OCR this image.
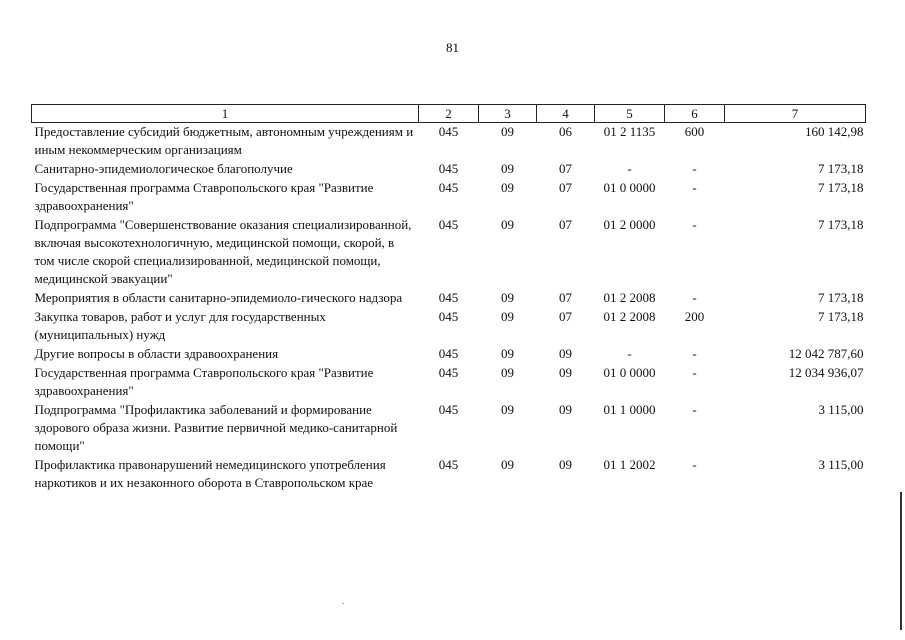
81
1	2	3	4	5	6	7
Предоставление субсидий бюджетным, автономным учреждениям и иным некоммерческим организациям	045	09	06	01 2 1135	600	160 142,98
Санитарно-эпидемиологическое благополучие	045	09	07	-	-	7 173,18
Государственная программа Ставропольского края "Развитие здравоохранения"	045	09	07	01 0 0000	-	7 173,18
Подпрограмма "Совершенствование оказания специализированной, включая высокотехнологичную, медицинской помощи, скорой, в том числе скорой специализированной, медицинской помощи, медицинской эвакуации"	045	09	07	01 2 0000	-	7 173,18
Мероприятия в области санитарно-эпидемиоло-гического надзора	045	09	07	01 2 2008	-	7 173,18
Закупка товаров, работ и услуг для государственных (муниципальных) нужд	045	09	07	01 2 2008	200	7 173,18
Другие вопросы в области здравоохранения	045	09	09	-	-	12 042 787,60
Государственная программа Ставропольского края "Развитие здравоохранения"	045	09	09	01 0 0000	-	12 034 936,07
Подпрограмма "Профилактика заболеваний и формирование здорового образа жизни. Развитие первичной медико-санитарной помощи"	045	09	09	01 1 0000	-	3 115,00
Профилактика правонарушений немедицинского употребления наркотиков и их незаконного оборота в Ставропольском крае	045	09	09	01 1 2002	-	3 115,00
